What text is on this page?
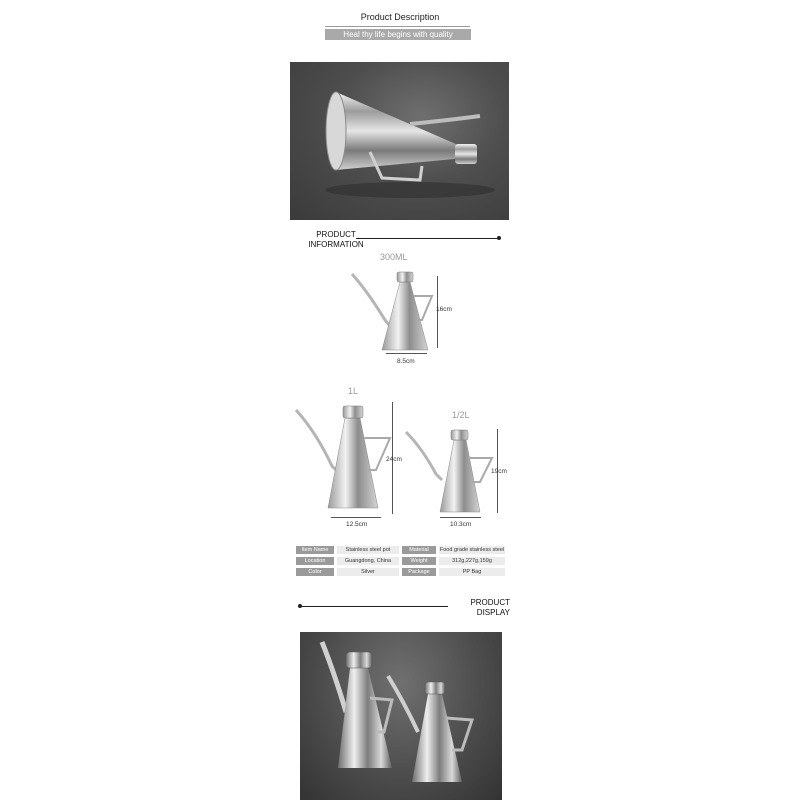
Product Description
Heal thy life begins with quality
PRODUCT
INFORMATION
300ML
16cm
8.5cm
1L
24cm
12.5cm
1/2L
19cm
10.3cm
Item Name	Stainless steel pot	Material	Food grade stainless steel
Location	Guangdong, China	Weight	312g,227g,159g
Color	Silver	Package	PP Bag
PRODUCT
DISPLAY
